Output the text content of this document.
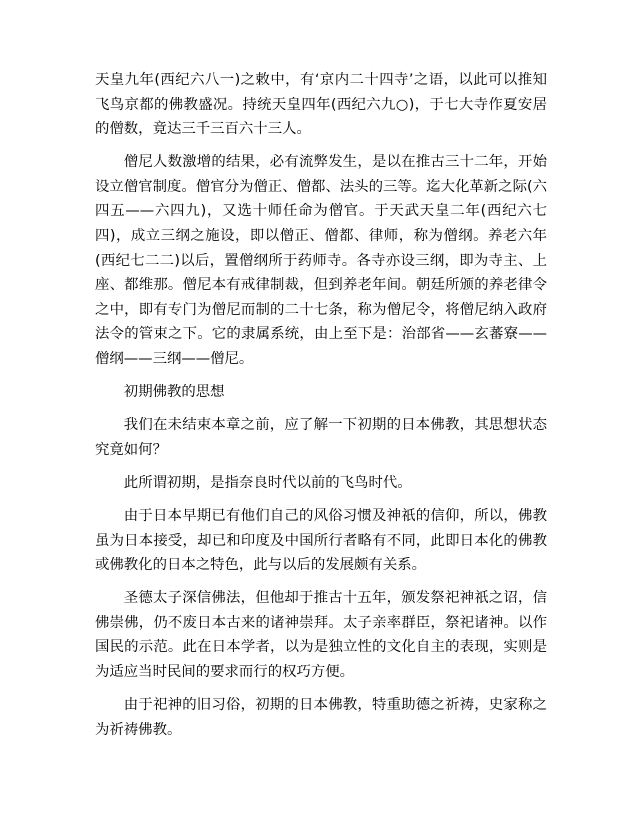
天皇九年(西纪六八一)之敕中，有‘京内二十四寺’之语，以此可以推知飞鸟京都的佛教盛况。持统天皇四年(西纪六九○)，于七大寺作夏安居的僧数，竟达三千三百六十三人。

僧尼人数激增的结果，必有流弊发生，是以在推古三十二年，开始设立僧官制度。僧官分为僧正、僧都、法头的三等。迄大化革新之际(六四五——六四九)，又选十师任命为僧官。于天武天皇二年(西纪六七四)，成立三纲之施设，即以僧正、僧都、律师，称为僧纲。养老六年(西纪七二二)以后，置僧纲所于药师寺。各寺亦设三纲，即为寺主、上座、都维那。僧尼本有戒律制裁，但到养老年间。朝廷所颁的养老律令之中，即有专门为僧尼而制的二十七条，称为僧尼令，将僧尼纳入政府法令的管束之下。它的隶属系统，由上至下是：治部省——玄蕃寮——僧纲——三纲——僧尼。

初期佛教的思想

我们在未结束本章之前，应了解一下初期的日本佛教，其思想状态究竟如何？

此所谓初期，是指奈良时代以前的飞鸟时代。

由于日本早期已有他们自己的风俗习惯及神祇的信仰，所以，佛教虽为日本接受，却已和印度及中国所行者略有不同，此即日本化的佛教或佛教化的日本之特色，此与以后的发展颇有关系。

圣德太子深信佛法，但他却于推古十五年，颁发祭祀神祇之诏，信佛崇佛，仍不废日本古来的诸神崇拜。太子亲率群臣，祭祀诸神。以作国民的示范。此在日本学者，以为是独立性的文化自主的表现，实则是为适应当时民间的要求而行的权巧方便。

由于祀神的旧习俗，初期的日本佛教，特重助德之祈祷，史家称之为祈祷佛教。
